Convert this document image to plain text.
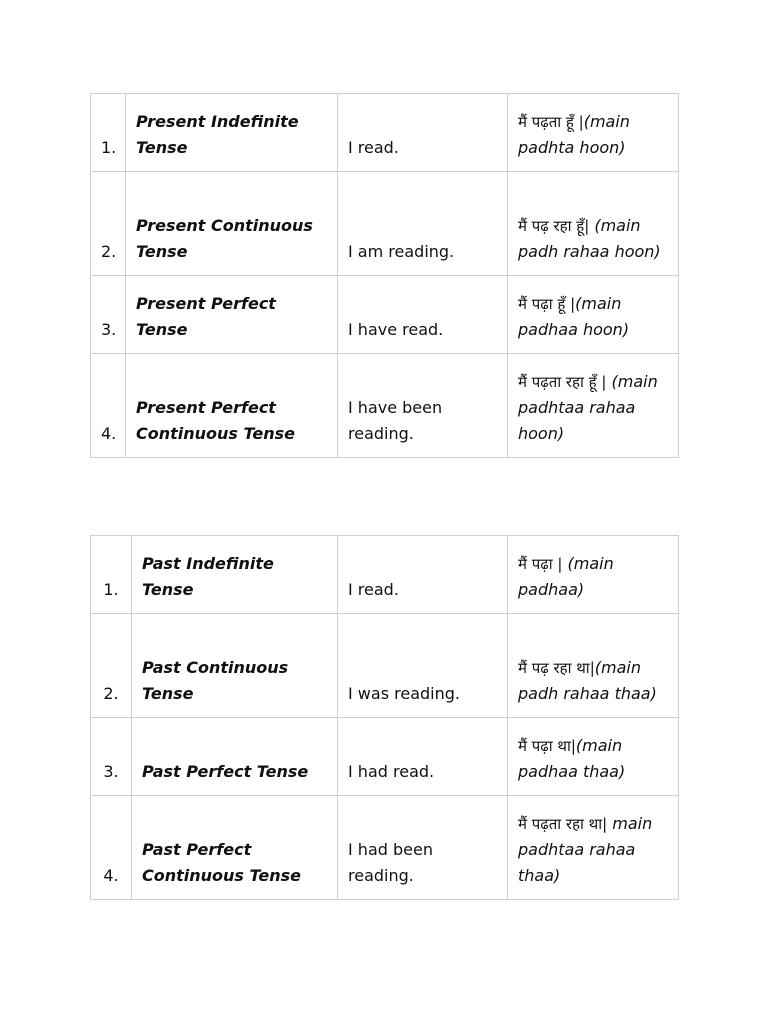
1.	Present Indefinite Tense	I read.	मैं पढ़ता हूँ |(main padhta hoon)
2.	Present Continuous Tense	I am reading.	मैं पढ़ रहा हूँ| (main padh rahaa hoon)
3.	Present Perfect Tense	I have read.	मैं पढ़ा हूँ |(main padhaa hoon)
4.	Present Perfect Continuous Tense	I have been reading.	मैं पढ़ता रहा हूँ | (main padhtaa rahaa hoon)
1.	Past Indefinite Tense	I read.	मैं पढ़ा | (main padhaa)
2.	Past Continuous Tense	I was reading.	मैं पढ़ रहा था|(main padh rahaa thaa)
3.	Past Perfect Tense	I had read.	मैं पढ़ा था|(main padhaa thaa)
4.	Past Perfect Continuous Tense	I had been reading.	मैं पढ़ता रहा था| main padhtaa rahaa thaa)
